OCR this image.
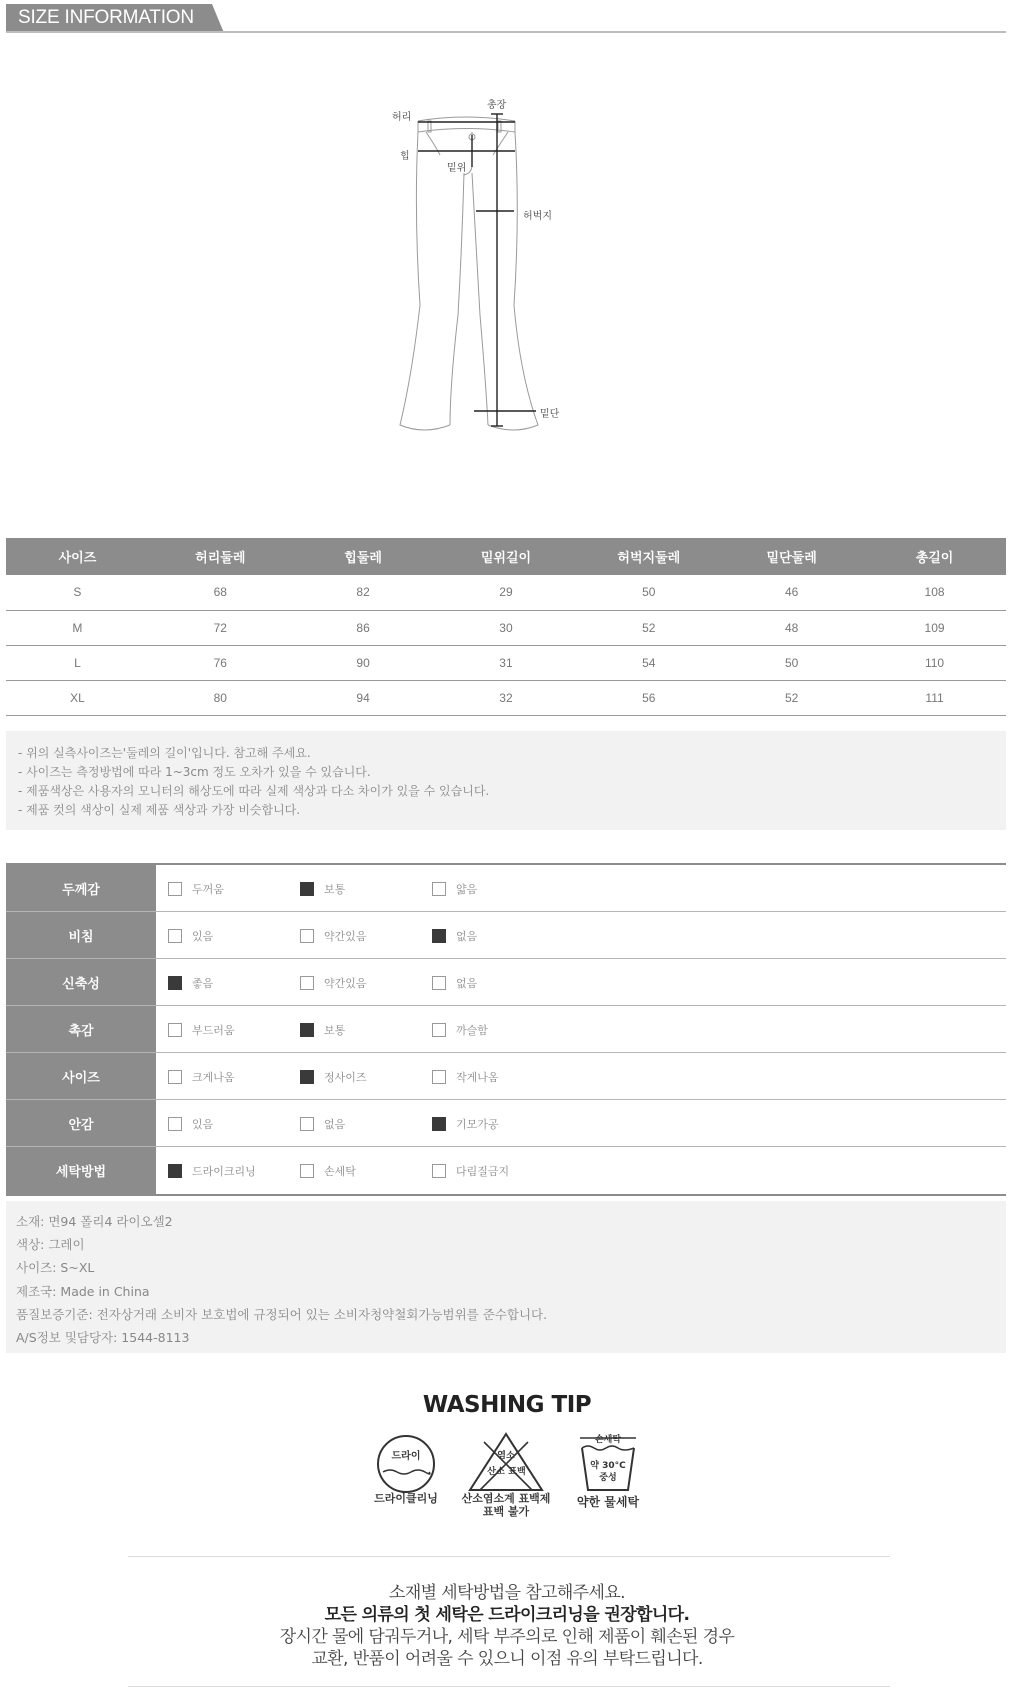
SIZE INFORMATION
허리
총장
힙
밑위
허벅지
밑단
사이즈	허리둘레	힙둘레	밑위길이	허벅지둘레	밑단둘레	총길이
S	68	82	29	50	46	108
M	72	86	30	52	48	109
L	76	90	31	54	50	110
XL	80	94	32	56	52	111
- 위의 실측사이즈는'둘레의 길이'입니다. 참고해 주세요.
- 사이즈는 측정방법에 따라 1~3cm 정도 오차가 있을 수 있습니다.
- 제품색상은 사용자의 모니터의 해상도에 따라 실제 색상과 다소 차이가 있을 수 있습니다.
- 제품 컷의 색상이 실제 제품 색상과 가장 비슷합니다.
두께감	두꺼움	보통	얇음
비침	있음	약간있음	없음
신축성	좋음	약간있음	없음
촉감	부드러움	보통	까슬함
사이즈	크게나옴	정사이즈	작게나옴
안감	있음	없음	기모가공
세탁방법	드라이크리닝	손세탁	다림질금지
소재: 면94 폴리4 라이오셀2
색상: 그레이
사이즈: S~XL
제조국: Made in China
품질보증기준: 전자상거래 소비자 보호법에 규정되어 있는 소비자청약철회가능범위를 준수합니다.
A/S정보 및담당자: 1544-8113
WASHING TIP
드라이
드라이클리닝
염소
산소 표백
산소염소계 표백제
표백 불가
손세탁
약 30°C
중성
약한 물세탁
소재별 세탁방법을 참고해주세요.
모든 의류의 첫 세탁은 드라이크리닝을 권장합니다.
장시간 물에 담궈두거나, 세탁 부주의로 인해 제품이 훼손된 경우
교환, 반품이 어려울 수 있으니 이점 유의 부탁드립니다.
